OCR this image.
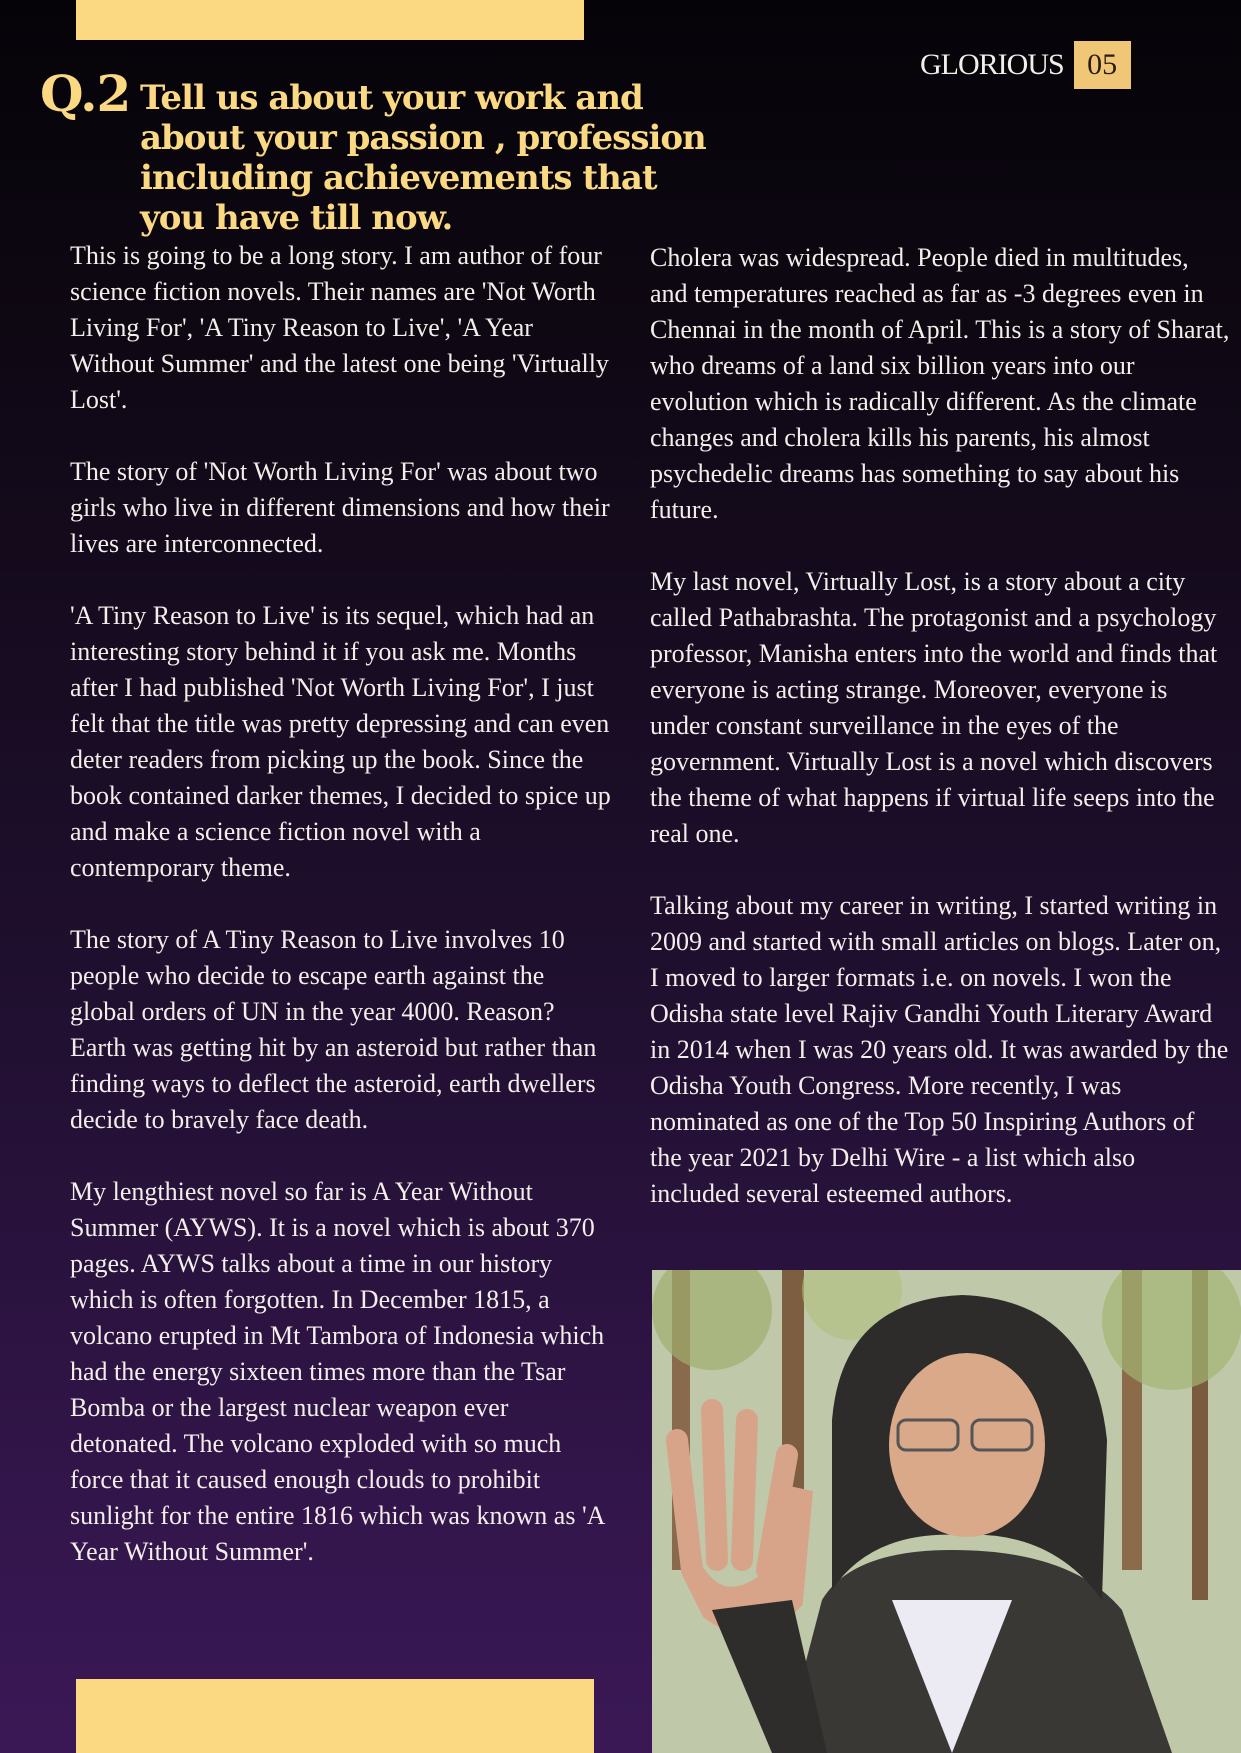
GLORIOUS 05
Q.2 Tell us about your work and about your passion , profession including achievements that you have till now.

This is going to be a long story. I am author of four science fiction novels. Their names are 'Not Worth Living For', 'A Tiny Reason to Live', 'A Year Without Summer' and the latest one being 'Virtually Lost'.

The story of 'Not Worth Living For' was about two girls who live in different dimensions and how their lives are interconnected.

'A Tiny Reason to Live' is its sequel, which had an interesting story behind it if you ask me. Months after I had published 'Not Worth Living For', I just felt that the title was pretty depressing and can even deter readers from picking up the book. Since the book contained darker themes, I decided to spice up and make a science fiction novel with a contemporary theme.

The story of A Tiny Reason to Live involves 10 people who decide to escape earth against the global orders of UN in the year 4000. Reason? Earth was getting hit by an asteroid but rather than finding ways to deflect the asteroid, earth dwellers decide to bravely face death.

My lengthiest novel so far is A Year Without Summer (AYWS). It is a novel which is about 370 pages. AYWS talks about a time in our history which is often forgotten. In December 1815, a volcano erupted in Mt Tambora of Indonesia which had the energy sixteen times more than the Tsar Bomba or the largest nuclear weapon ever detonated. The volcano exploded with so much force that it caused enough clouds to prohibit sunlight for the entire 1816 which was known as 'A Year Without Summer'.

Cholera was widespread. People died in multitudes, and temperatures reached as far as -3 degrees even in Chennai in the month of April. This is a story of Sharat, who dreams of a land six billion years into our evolution which is radically different. As the climate changes and cholera kills his parents, his almost psychedelic dreams has something to say about his future.

My last novel, Virtually Lost, is a story about a city called Pathabrashta. The protagonist and a psychology professor, Manisha enters into the world and finds that everyone is acting strange. Moreover, everyone is under constant surveillance in the eyes of the government. Virtually Lost is a novel which discovers the theme of what happens if virtual life seeps into the real one.

Talking about my career in writing, I started writing in 2009 and started with small articles on blogs. Later on, I moved to larger formats i.e. on novels. I won the Odisha state level Rajiv Gandhi Youth Literary Award in 2014 when I was 20 years old. It was awarded by the Odisha Youth Congress. More recently, I was nominated as one of the Top 50 Inspiring Authors of the year 2021 by Delhi Wire - a list which also included several esteemed authors.
